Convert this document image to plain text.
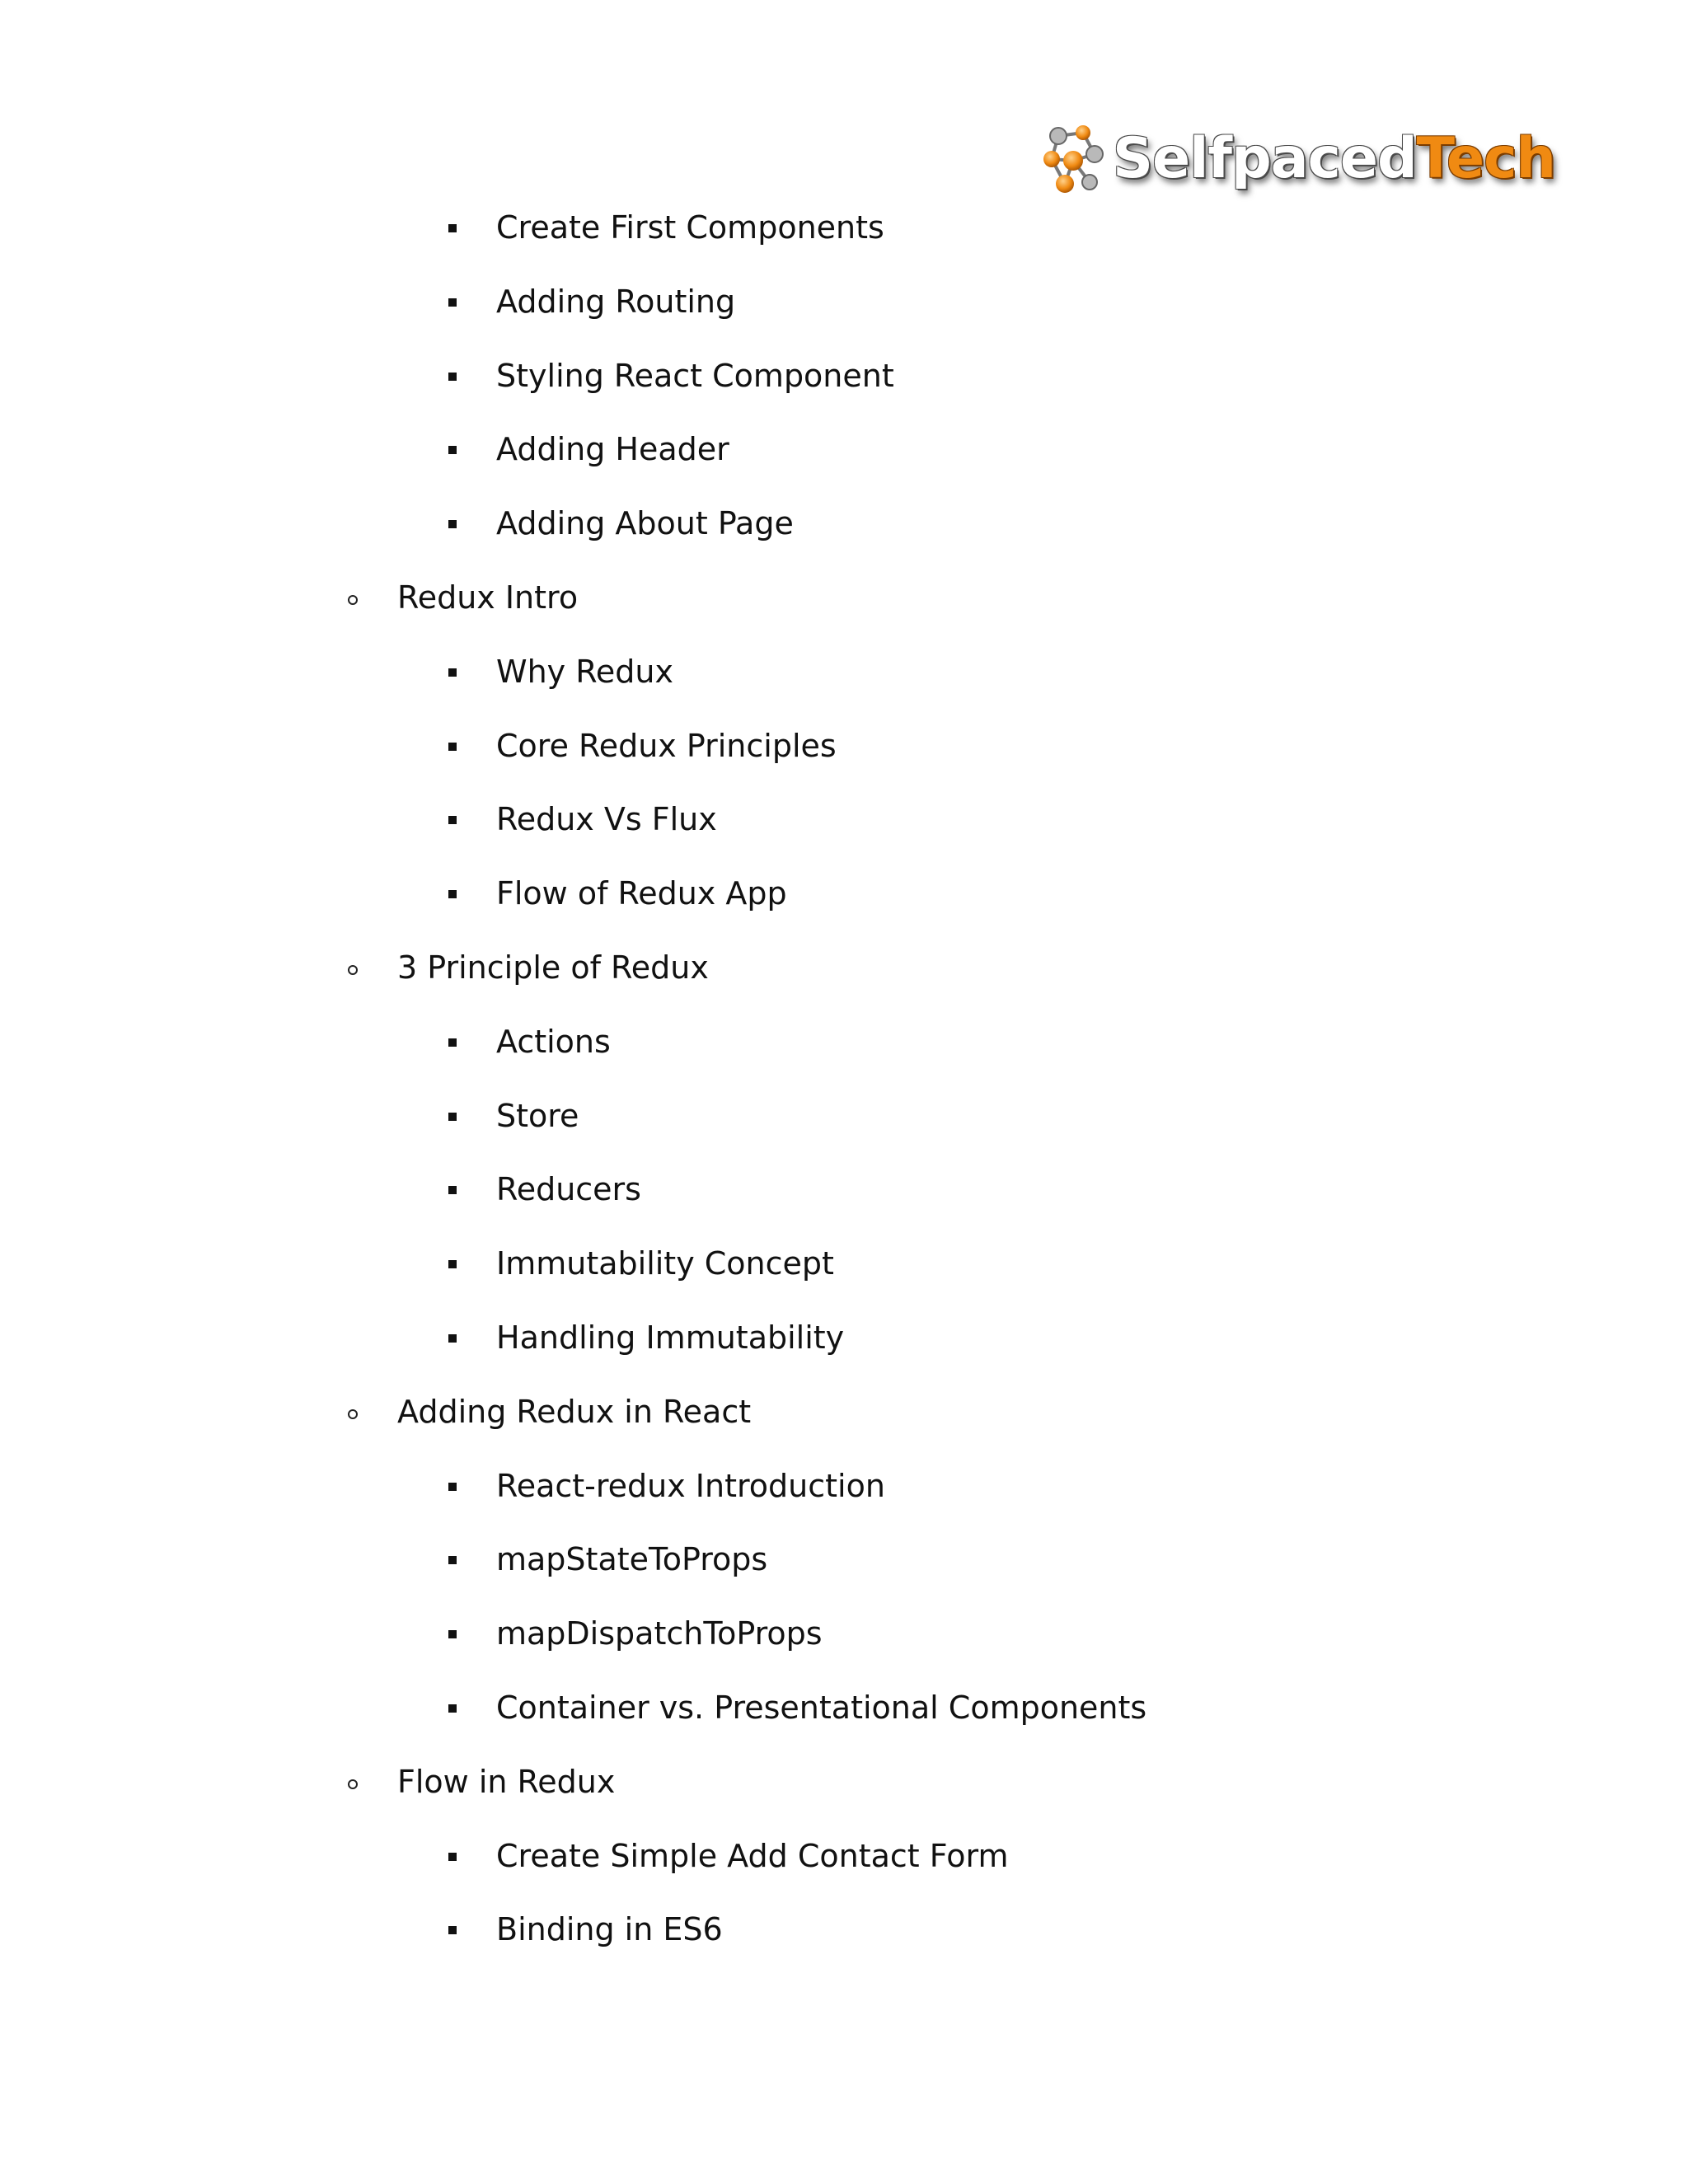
SelfpacedTech
Create First Components
Adding Routing
Styling React Component
Adding Header
Adding About Page
Redux Intro
Why Redux
Core Redux Principles
Redux Vs Flux
Flow of Redux App
3 Principle of Redux
Actions
Store
Reducers
Immutability Concept
Handling Immutability
Adding Redux in React
React-redux Introduction
mapStateToProps
mapDispatchToProps
Container vs. Presentational Components
Flow in Redux
Create Simple Add Contact Form
Binding in ES6
